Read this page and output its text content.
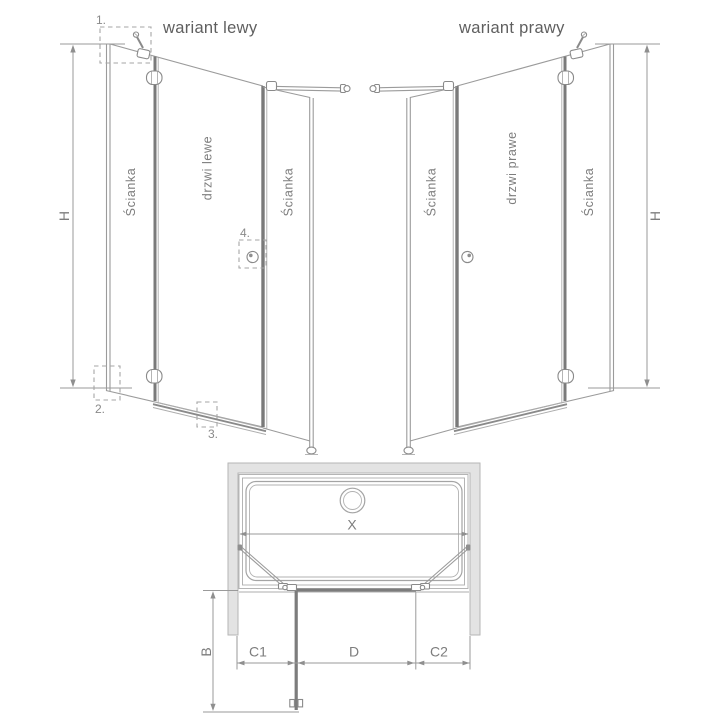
1.
2.
3.
4.
wariant lewy
Ścianka	drzwi lewe	Ścianka
H
wariant prawy
Ścianka	drzwi prawe	Ścianka	H
X
B	C1	D	C2
